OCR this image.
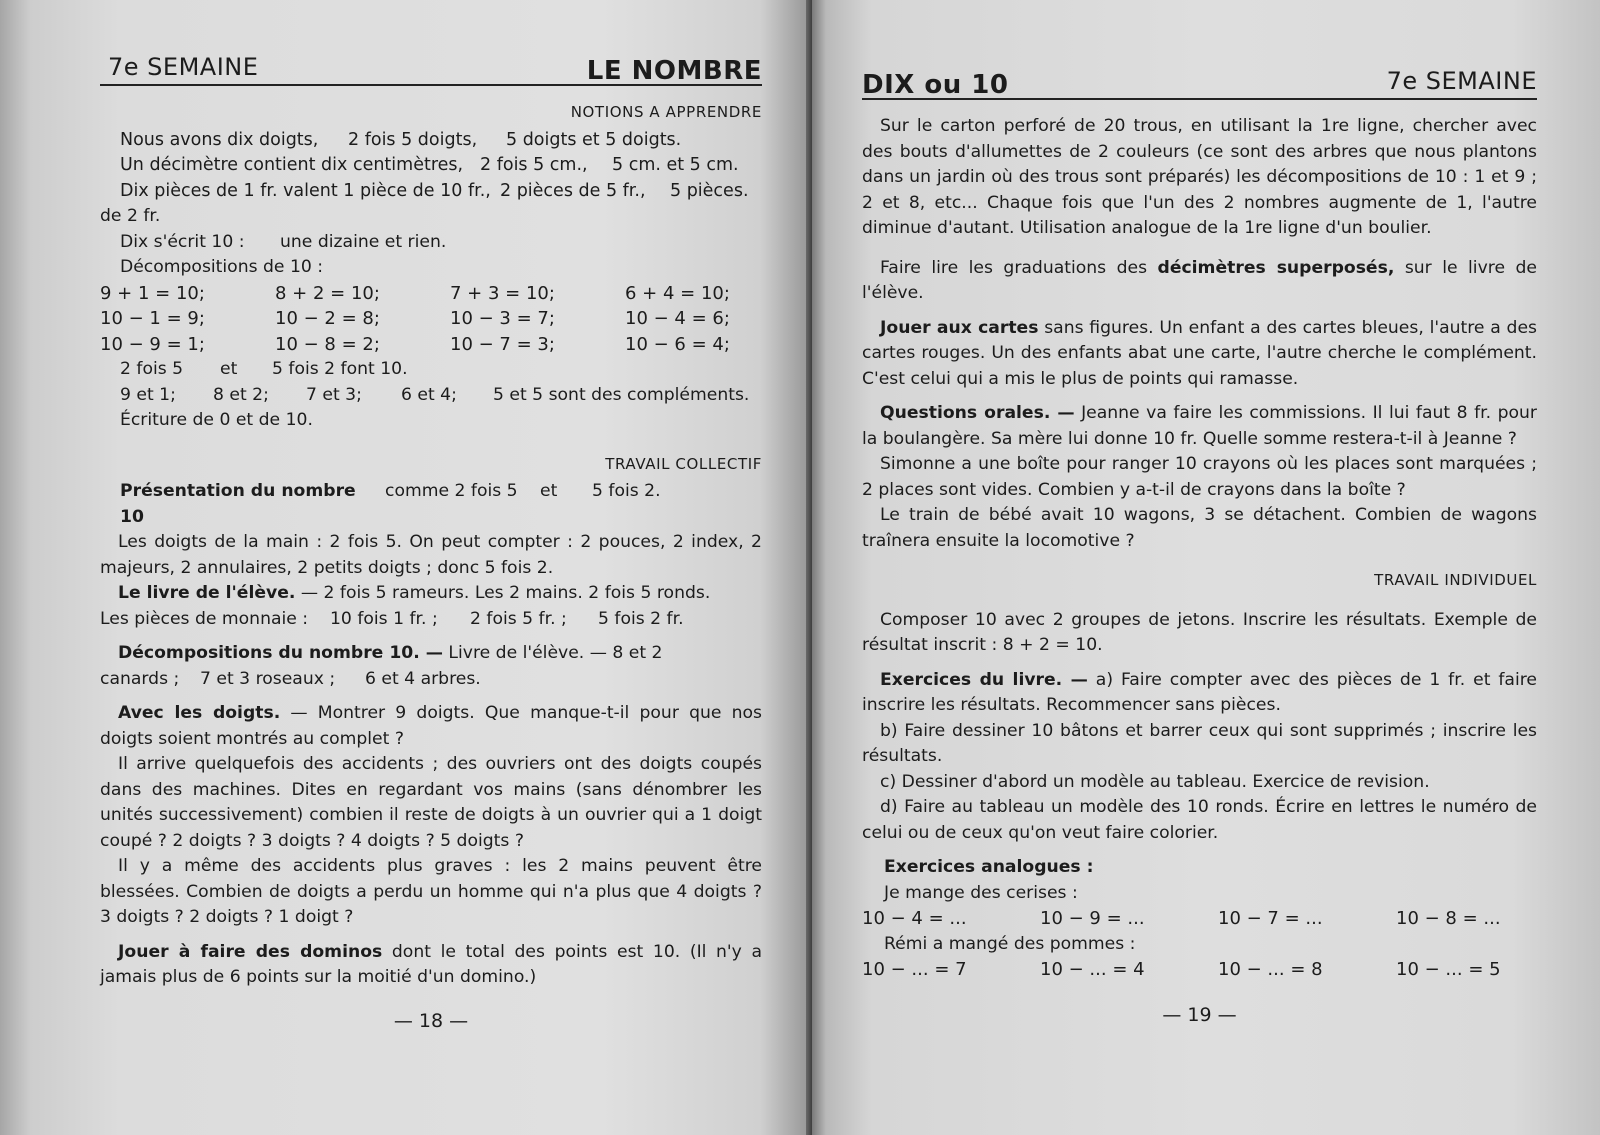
7e SEMAINE	LE NOMBRE
NOTIONS A APPRENDRE
Nous avons dix doigts,	2 fois 5 doigts,	5 doigts et 5 doigts.
Un décimètre contient dix centimètres, 2 fois 5 cm.,	5 cm. et 5 cm.
Dix pièces de 1 fr. valent 1 pièce de 10 fr., 2 pièces de 5 fr.,	5 pièces.

de 2 fr.

Dix s'écrit 10 :	une dizaine et rien.

Décompositions de 10 :

9 + 1 = 10;	8 + 2 = 10;	7 + 3 = 10;	6 + 4 = 10;
10 − 1 = 9;	10 − 2 = 8;	10 − 3 = 7;	10 − 4 = 6;
10 − 9 = 1;	10 − 8 = 2;	10 − 7 = 3;	10 − 6 = 4;
2 fois 5	et	5 fois 2 font 10.
9 et 1;	8 et 2;	7 et 3;	6 et 4;	5 et 5 sont des compléments.

Écriture de 0 et de 10.

TRAVAIL COLLECTIF
Présentation du nombre 10
comme 2 fois 5	et	5 fois 2.

Les doigts de la main : 2 fois 5. On peut compter : 2 pouces, 2 index, 2 majeurs, 2 annulaires, 2 petits doigts ; donc 5 fois 2.

Le livre de l'élève. — 2 fois 5 rameurs. Les 2 mains. 2 fois 5 ronds.

Les pièces de monnaie :	10 fois 1 fr. ;	2 fois 5 fr. ;	5 fois 2 fr.

Décompositions du nombre 10. — Livre de l'élève. — 8 et 2

canards ;	7 et 3 roseaux ;	6 et 4 arbres.

Avec les doigts. — Montrer 9 doigts. Que manque-t-il pour que nos doigts soient montrés au complet ?

Il arrive quelquefois des accidents ; des ouvriers ont des doigts coupés dans des machines. Dites en regardant vos mains (sans dénombrer les unités successivement) combien il reste de doigts à un ouvrier qui a 1 doigt coupé ? 2 doigts ? 3 doigts ? 4 doigts ? 5 doigts ?

Il y a même des accidents plus graves : les 2 mains peuvent être blessées. Combien de doigts a perdu un homme qui n'a plus que 4 doigts ? 3 doigts ? 2 doigts ? 1 doigt ?

Jouer à faire des dominos dont le total des points est 10. (Il n'y a jamais plus de 6 points sur la moitié d'un domino.)

— 18 —
DIX ou 10	7e SEMAINE

Sur le carton perforé de 20 trous, en utilisant la 1re ligne, chercher avec des bouts d'allumettes de 2 couleurs (ce sont des arbres que nous plantons dans un jardin où des trous sont préparés) les décompositions de 10 : 1 et 9 ; 2 et 8, etc... Chaque fois que l'un des 2 nombres augmente de 1, l'autre diminue d'autant. Utilisation analogue de la 1re ligne d'un boulier.

Faire lire les graduations des décimètres superposés, sur le livre de l'élève.

Jouer aux cartes sans figures. Un enfant a des cartes bleues, l'autre a des cartes rouges. Un des enfants abat une carte, l'autre cherche le complément. C'est celui qui a mis le plus de points qui ramasse.

Questions orales. — Jeanne va faire les commissions. Il lui faut 8 fr. pour la boulangère. Sa mère lui donne 10 fr. Quelle somme restera-t-il à Jeanne ?

Simonne a une boîte pour ranger 10 crayons où les places sont marquées ; 2 places sont vides. Combien y a-t-il de crayons dans la boîte ?

Le train de bébé avait 10 wagons, 3 se détachent. Combien de wagons traînera ensuite la locomotive ?

TRAVAIL INDIVIDUEL

Composer 10 avec 2 groupes de jetons. Inscrire les résultats. Exemple de résultat inscrit : 8 + 2 = 10.

Exercices du livre. — a) Faire compter avec des pièces de 1 fr. et faire inscrire les résultats. Recommencer sans pièces.

b) Faire dessiner 10 bâtons et barrer ceux qui sont supprimés ; inscrire les résultats.

c) Dessiner d'abord un modèle au tableau. Exercice de revision.

d) Faire au tableau un modèle des 10 ronds. Écrire en lettres le numéro de celui ou de ceux qu'on veut faire colorier.

Exercices analogues :

Je mange des cerises :

10 − 4 = ...	10 − 9 = ...	10 − 7 = ...	10 − 8 = ...

Rémi a mangé des pommes :

10 − ... = 7	10 − ... = 4	10 − ... = 8	10 − ... = 5
— 19 —
